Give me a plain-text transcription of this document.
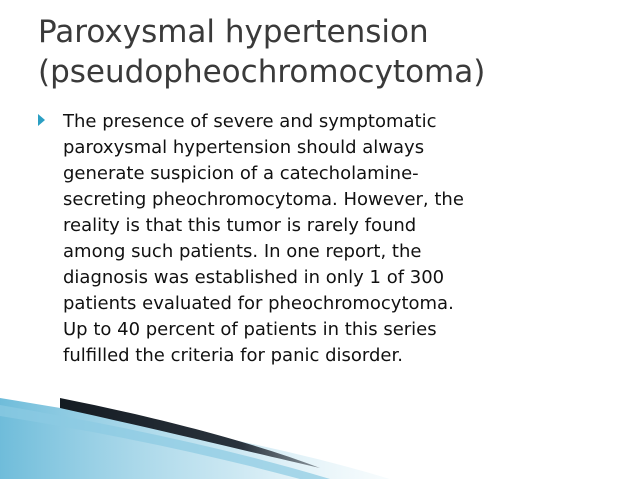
Paroxysmal hypertension
(pseudopheochromocytoma)
The presence of severe and symptomatic
paroxysmal hypertension should always
generate suspicion of a catecholamine-
secreting pheochromocytoma. However, the
reality is that this tumor is rarely found
among such patients. In one report, the
diagnosis was established in only 1 of 300
patients evaluated for pheochromocytoma.
Up to 40 percent of patients in this series
fulfilled the criteria for panic disorder.
